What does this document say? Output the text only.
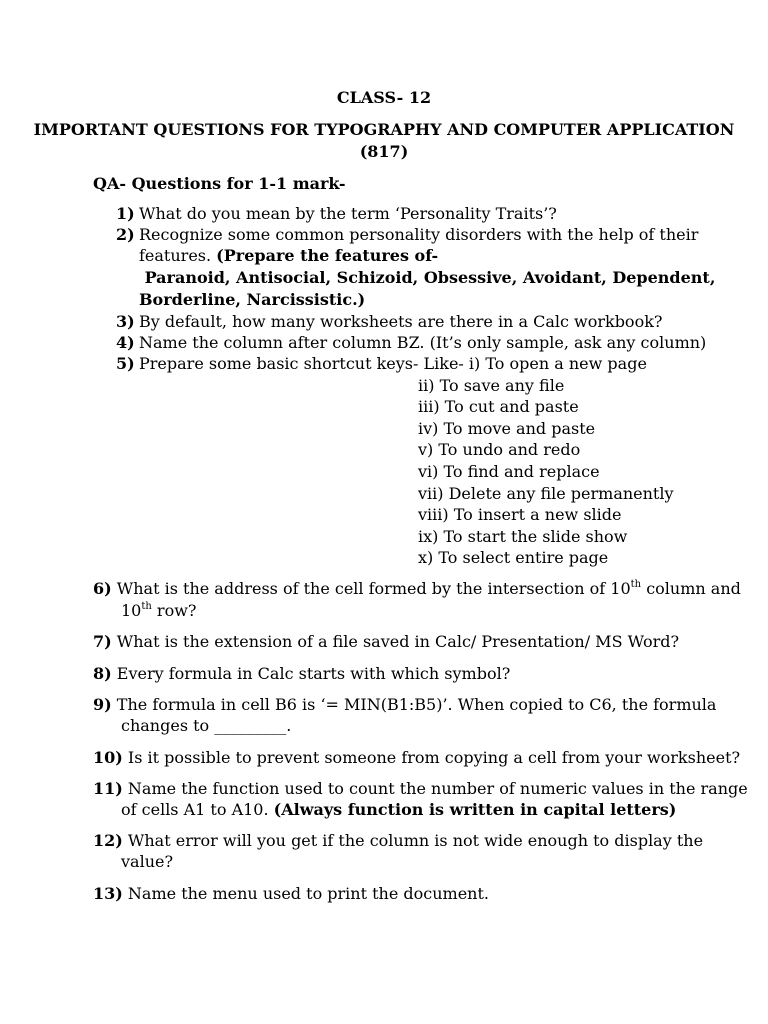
CLASS- 12
IMPORTANT QUESTIONS FOR TYPOGRAPHY AND COMPUTER APPLICATION
(817)
QA- Questions for 1-1 mark-
1) What do you mean by the term ‘Personality Traits’?
2) Recognize some common personality disorders with the help of their
features. (Prepare the features of-
Paranoid, Antisocial, Schizoid, Obsessive, Avoidant, Dependent,
Borderline, Narcissistic.)
3) By default, how many worksheets are there in a Calc workbook?
4) Name the column after column BZ. (It’s only sample, ask any column)
5) Prepare some basic shortcut keys- Like- i) To open a new page
ii) To save any file
iii) To cut and paste
iv) To move and paste
v) To undo and redo
vi) To find and replace
vii) Delete any file permanently
viii) To insert a new slide
ix) To start the slide show
x) To select entire page
6) What is the address of the cell formed by the intersection of 10th column and
10th row?
7) What is the extension of a file saved in Calc/ Presentation/ MS Word?
8) Every formula in Calc starts with which symbol?
9) The formula in cell B6 is ‘= MIN(B1:B5)’. When copied to C6, the formula
changes to _________.
10) Is it possible to prevent someone from copying a cell from your worksheet?
11) Name the function used to count the number of numeric values in the range
of cells A1 to A10. (Always function is written in capital letters)
12) What error will you get if the column is not wide enough to display the
value?
13) Name the menu used to print the document.
